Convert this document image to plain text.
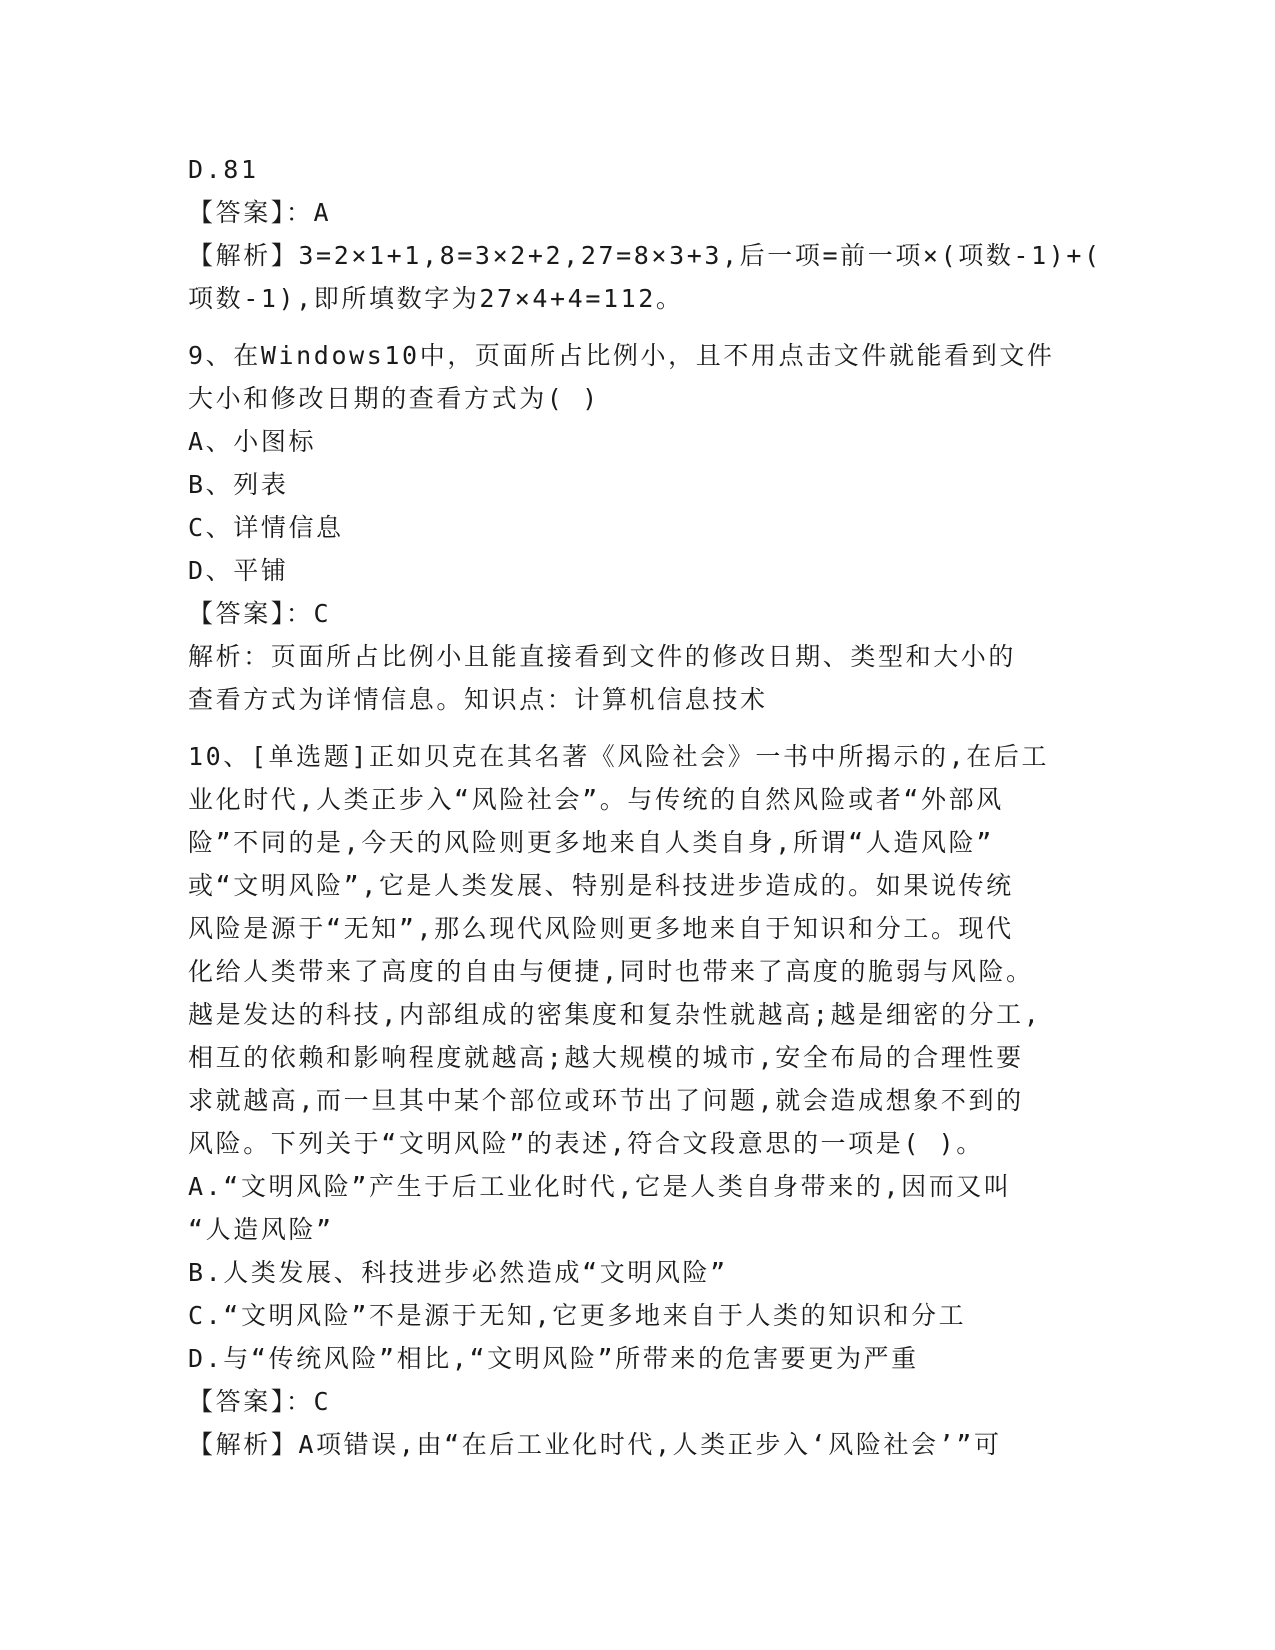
D.81

【答案】：A

【解析】3=2×1+1,8=3×2+2,27=8×3+3,后一项=前一项×(项数-1)+(

项数-1),即所填数字为27×4+4=112。

9、在Windows10中，页面所占比例小，且不用点击文件就能看到文件

大小和修改日期的查看方式为( )

A、小图标

B、列表

C、详情信息

D、平铺

【答案】：C

解析：页面所占比例小且能直接看到文件的修改日期、类型和大小的

查看方式为详情信息。知识点：计算机信息技术

10、[单选题]正如贝克在其名著《风险社会》一书中所揭示的,在后工

业化时代,人类正步入“风险社会”。与传统的自然风险或者“外部风

险”不同的是,今天的风险则更多地来自人类自身,所谓“人造风险”

或“文明风险”,它是人类发展、特别是科技进步造成的。如果说传统

风险是源于“无知”,那么现代风险则更多地来自于知识和分工。现代

化给人类带来了高度的自由与便捷,同时也带来了高度的脆弱与风险。

越是发达的科技,内部组成的密集度和复杂性就越高;越是细密的分工,

相互的依赖和影响程度就越高;越大规模的城市,安全布局的合理性要

求就越高,而一旦其中某个部位或环节出了问题,就会造成想象不到的

风险。下列关于“文明风险”的表述,符合文段意思的一项是( )。

A.“文明风险”产生于后工业化时代,它是人类自身带来的,因而又叫

“人造风险”

B.人类发展、科技进步必然造成“文明风险”

C.“文明风险”不是源于无知,它更多地来自于人类的知识和分工

D.与“传统风险”相比,“文明风险”所带来的危害要更为严重

【答案】：C

【解析】A项错误,由“在后工业化时代,人类正步入‘风险社会’”可
